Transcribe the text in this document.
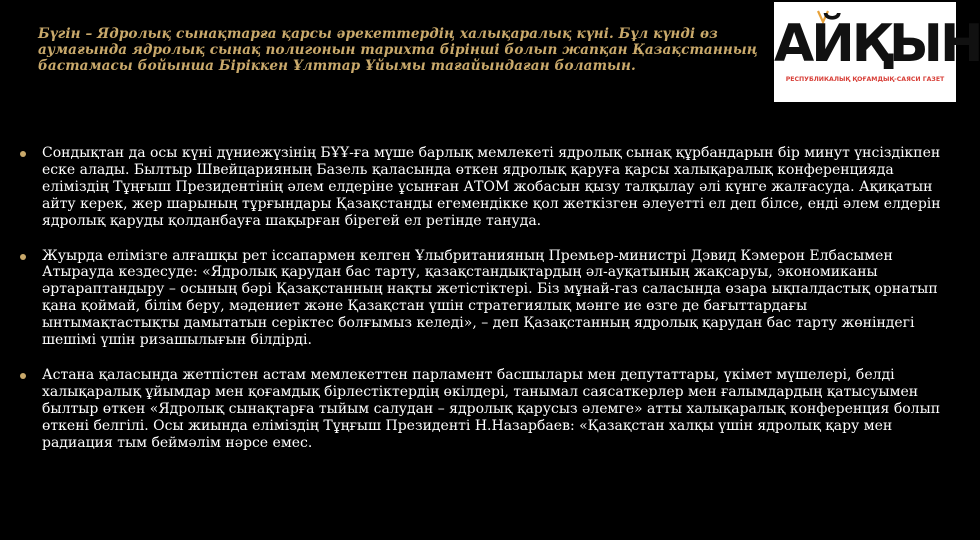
Бүгін – Ядролық сынақтарға қарсы әрекеттердің халықаралық күні. Бұл күнді өз аумағында ядролық сынақ полигонын тарихта бірінші болып жапқан Қазақстанның бастамасы бойынша Біріккен Ұлттар Ұйымы тағайындаған болатын.	АЙҚЫН
РЕСПУБЛИКАЛЫҚ ҚОҒАМДЫҚ-САЯСИ ГАЗЕТ
Сондықтан да осы күні дүниежүзінің БҰҰ-ға мүше барлық мемлекеті ядролық сынақ құрбандарын бір минут үнсіздікпен еске алады. Былтыр Швейцарияның Базель қаласында өткен ядролық қаруға қарсы халықаралық конференцияда еліміздің Тұңғыш Президентінің әлем елдеріне ұсынған АТОМ жобасын қызу талқылау әлі күнге жалғасуда. Ақиқатын айту керек, жер шарының тұрғындары Қазақстанды егемендікке қол жеткізген әлеуетті ел деп білсе, енді әлем елдерін ядролық қаруды қолданбауға шақырған бірегей ел ретінде тануда.
Жуырда елімізге алғашқы рет іссапармен келген Ұлыбританияның Премьер-министрі Дэвид Кэмерон Елбасымен Атырауда кездесуде: «Ядролық қарудан бас тарту, қазақстандықтардың әл-ауқатының жақсаруы, экономиканы әртараптандыру – осының бәрі Қазақстанның нақты жетістіктері. Біз мұнай-газ саласында өзара ықпалдастық орнатып қана қоймай, білім беру, мәдениет және Қазақстан үшін стратегиялық мәнге ие өзге де бағыттардағы ынтымақтастықты дамытатын серіктес болғымыз келеді», – деп Қазақстанның ядролық қарудан бас тарту жөніндегі шешімі үшін ризашылығын білдірді.
Астана қаласында жетпістен астам мемлекеттен парламент басшылары мен депутаттары, үкімет мүшелері, белді халықаралық ұйымдар мен қоғамдық бірлестіктердің өкілдері, танымал саясаткерлер мен ғалымдардың қатысуымен былтыр өткен «Ядролық сынақтарға тыйым салудан – ядролық қарусыз әлемге» атты халықаралық конференция болып өткені белгілі. Осы жиында еліміздің Тұңғыш Президенті Н.Назарбаев: «Қазақстан халқы үшін ядролық қару мен радиация тым беймәлім нәрсе емес.
